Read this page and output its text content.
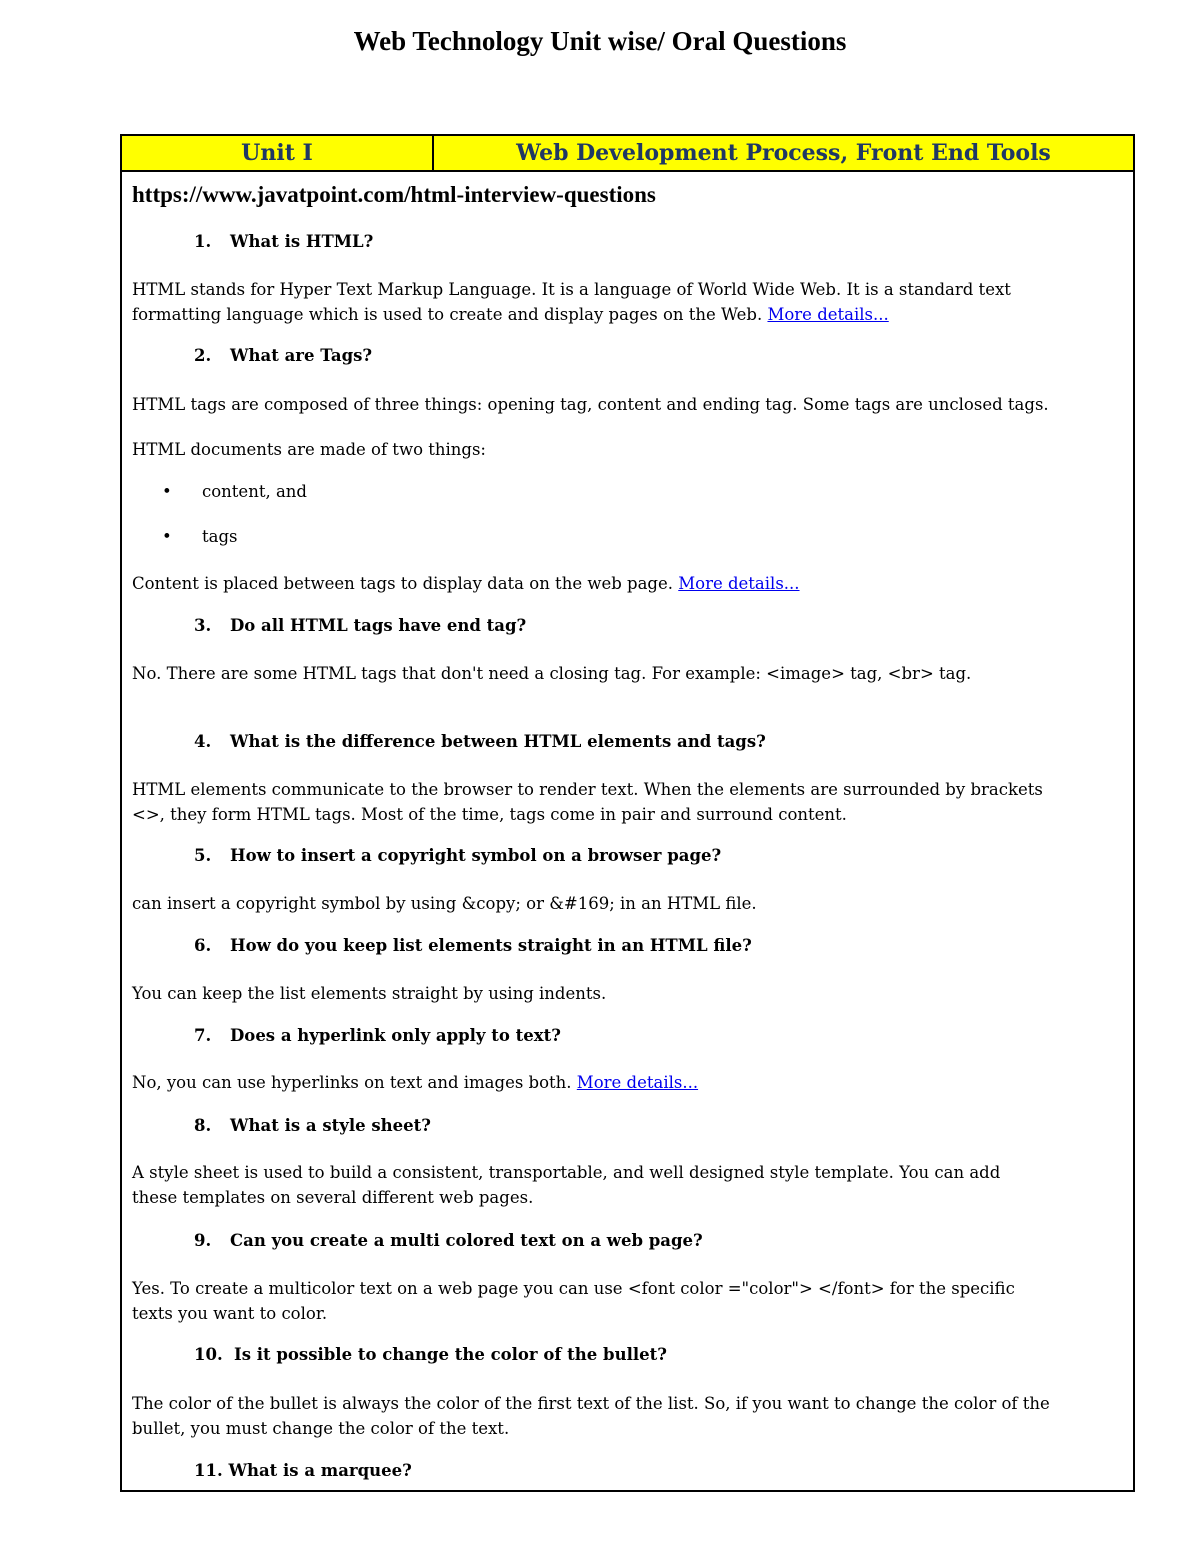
Web Technology Unit wise/ Oral Questions
Unit I	Web Development Process, Front End Tools
https://www.javatpoint.com/html-interview-questions
1. What is HTML?
HTML stands for Hyper Text Markup Language. It is a language of World Wide Web. It is a standard text
formatting language which is used to create and display pages on the Web. More details...
2. What are Tags?
HTML tags are composed of three things: opening tag, content and ending tag. Some tags are unclosed tags.
HTML documents are made of two things:
• content, and
• tags
Content is placed between tags to display data on the web page. More details...
3. Do all HTML tags have end tag?
No. There are some HTML tags that don't need a closing tag. For example: <image> tag, <br> tag.
4. What is the difference between HTML elements and tags?
HTML elements communicate to the browser to render text. When the elements are surrounded by brackets
<>, they form HTML tags. Most of the time, tags come in pair and surround content.
5. How to insert a copyright symbol on a browser page?
can insert a copyright symbol by using &copy; or &#169; in an HTML file.
6. How do you keep list elements straight in an HTML file?
You can keep the list elements straight by using indents.
7. Does a hyperlink only apply to text?
No, you can use hyperlinks on text and images both. More details...
8. What is a style sheet?
A style sheet is used to build a consistent, transportable, and well designed style template. You can add
these templates on several different web pages.
9. Can you create a multi colored text on a web page?
Yes. To create a multicolor text on a web page you can use <font color ="color"> </font> for the specific
texts you want to color.
10. Is it possible to change the color of the bullet?
The color of the bullet is always the color of the first text of the list. So, if you want to change the color of the
bullet, you must change the color of the text.
11. What is a marquee?
